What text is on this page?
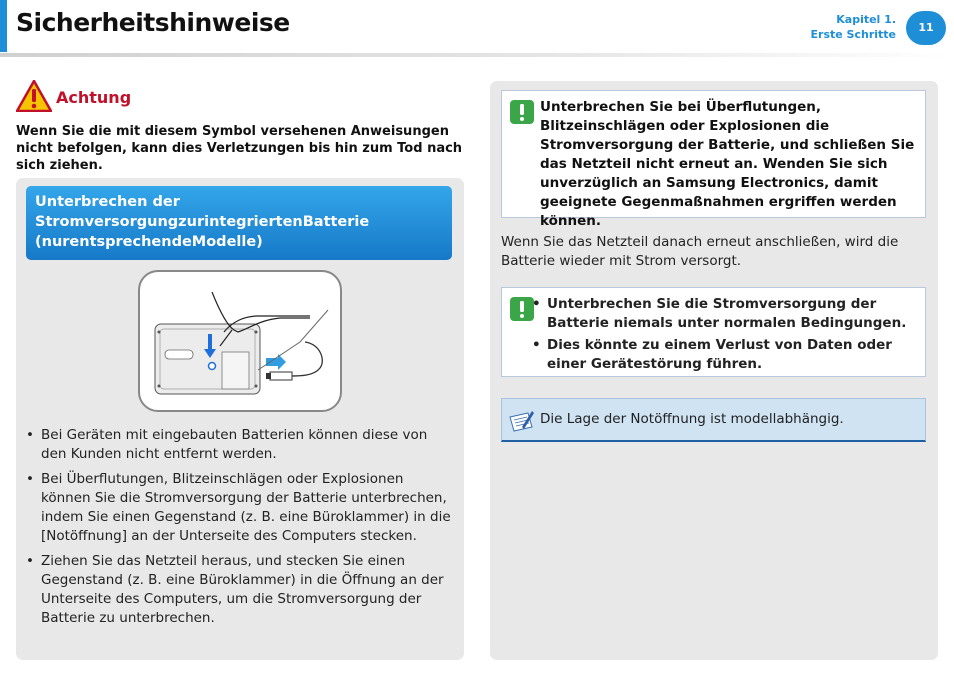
Sicherheitshinweise	Kapitel 1.
Erste Schritte
11
Achtung
Wenn Sie die mit diesem Symbol versehenen Anweisungen nicht befolgen, kann dies Verletzungen bis hin zum Tod nach sich ziehen.
Unterbrechen der
StromversorgungzurintegriertenBatterie
(nurentsprechendeModelle)
• Bei Geräten mit eingebauten Batterien können diese von den Kunden nicht entfernt werden.
• Bei Überflutungen, Blitzeinschlägen oder Explosionen können Sie die Stromversorgung der Batterie unterbrechen, indem Sie einen Gegenstand (z. B. eine Büroklammer) in die [Notöffnung] an der Unterseite des Computers stecken.
• Ziehen Sie das Netzteil heraus, und stecken Sie einen Gegenstand (z. B. eine Büroklammer) in die Öffnung an der Unterseite des Computers, um die Stromversorgung der Batterie zu unterbrechen.
Unterbrechen Sie bei Überflutungen, Blitzeinschlägen oder Explosionen die Stromversorgung der Batterie, und schließen Sie das Netzteil nicht erneut an. Wenden Sie sich unverzüglich an Samsung Electronics, damit geeignete Gegenmaßnahmen ergriffen werden können.
Wenn Sie das Netzteil danach erneut anschließen, wird die Batterie wieder mit Strom versorgt.
• Unterbrechen Sie die Stromversorgung der Batterie niemals unter normalen Bedingungen.
• Dies könnte zu einem Verlust von Daten oder einer Gerätestörung führen.
Die Lage der Notöffnung ist modellabhängig.
